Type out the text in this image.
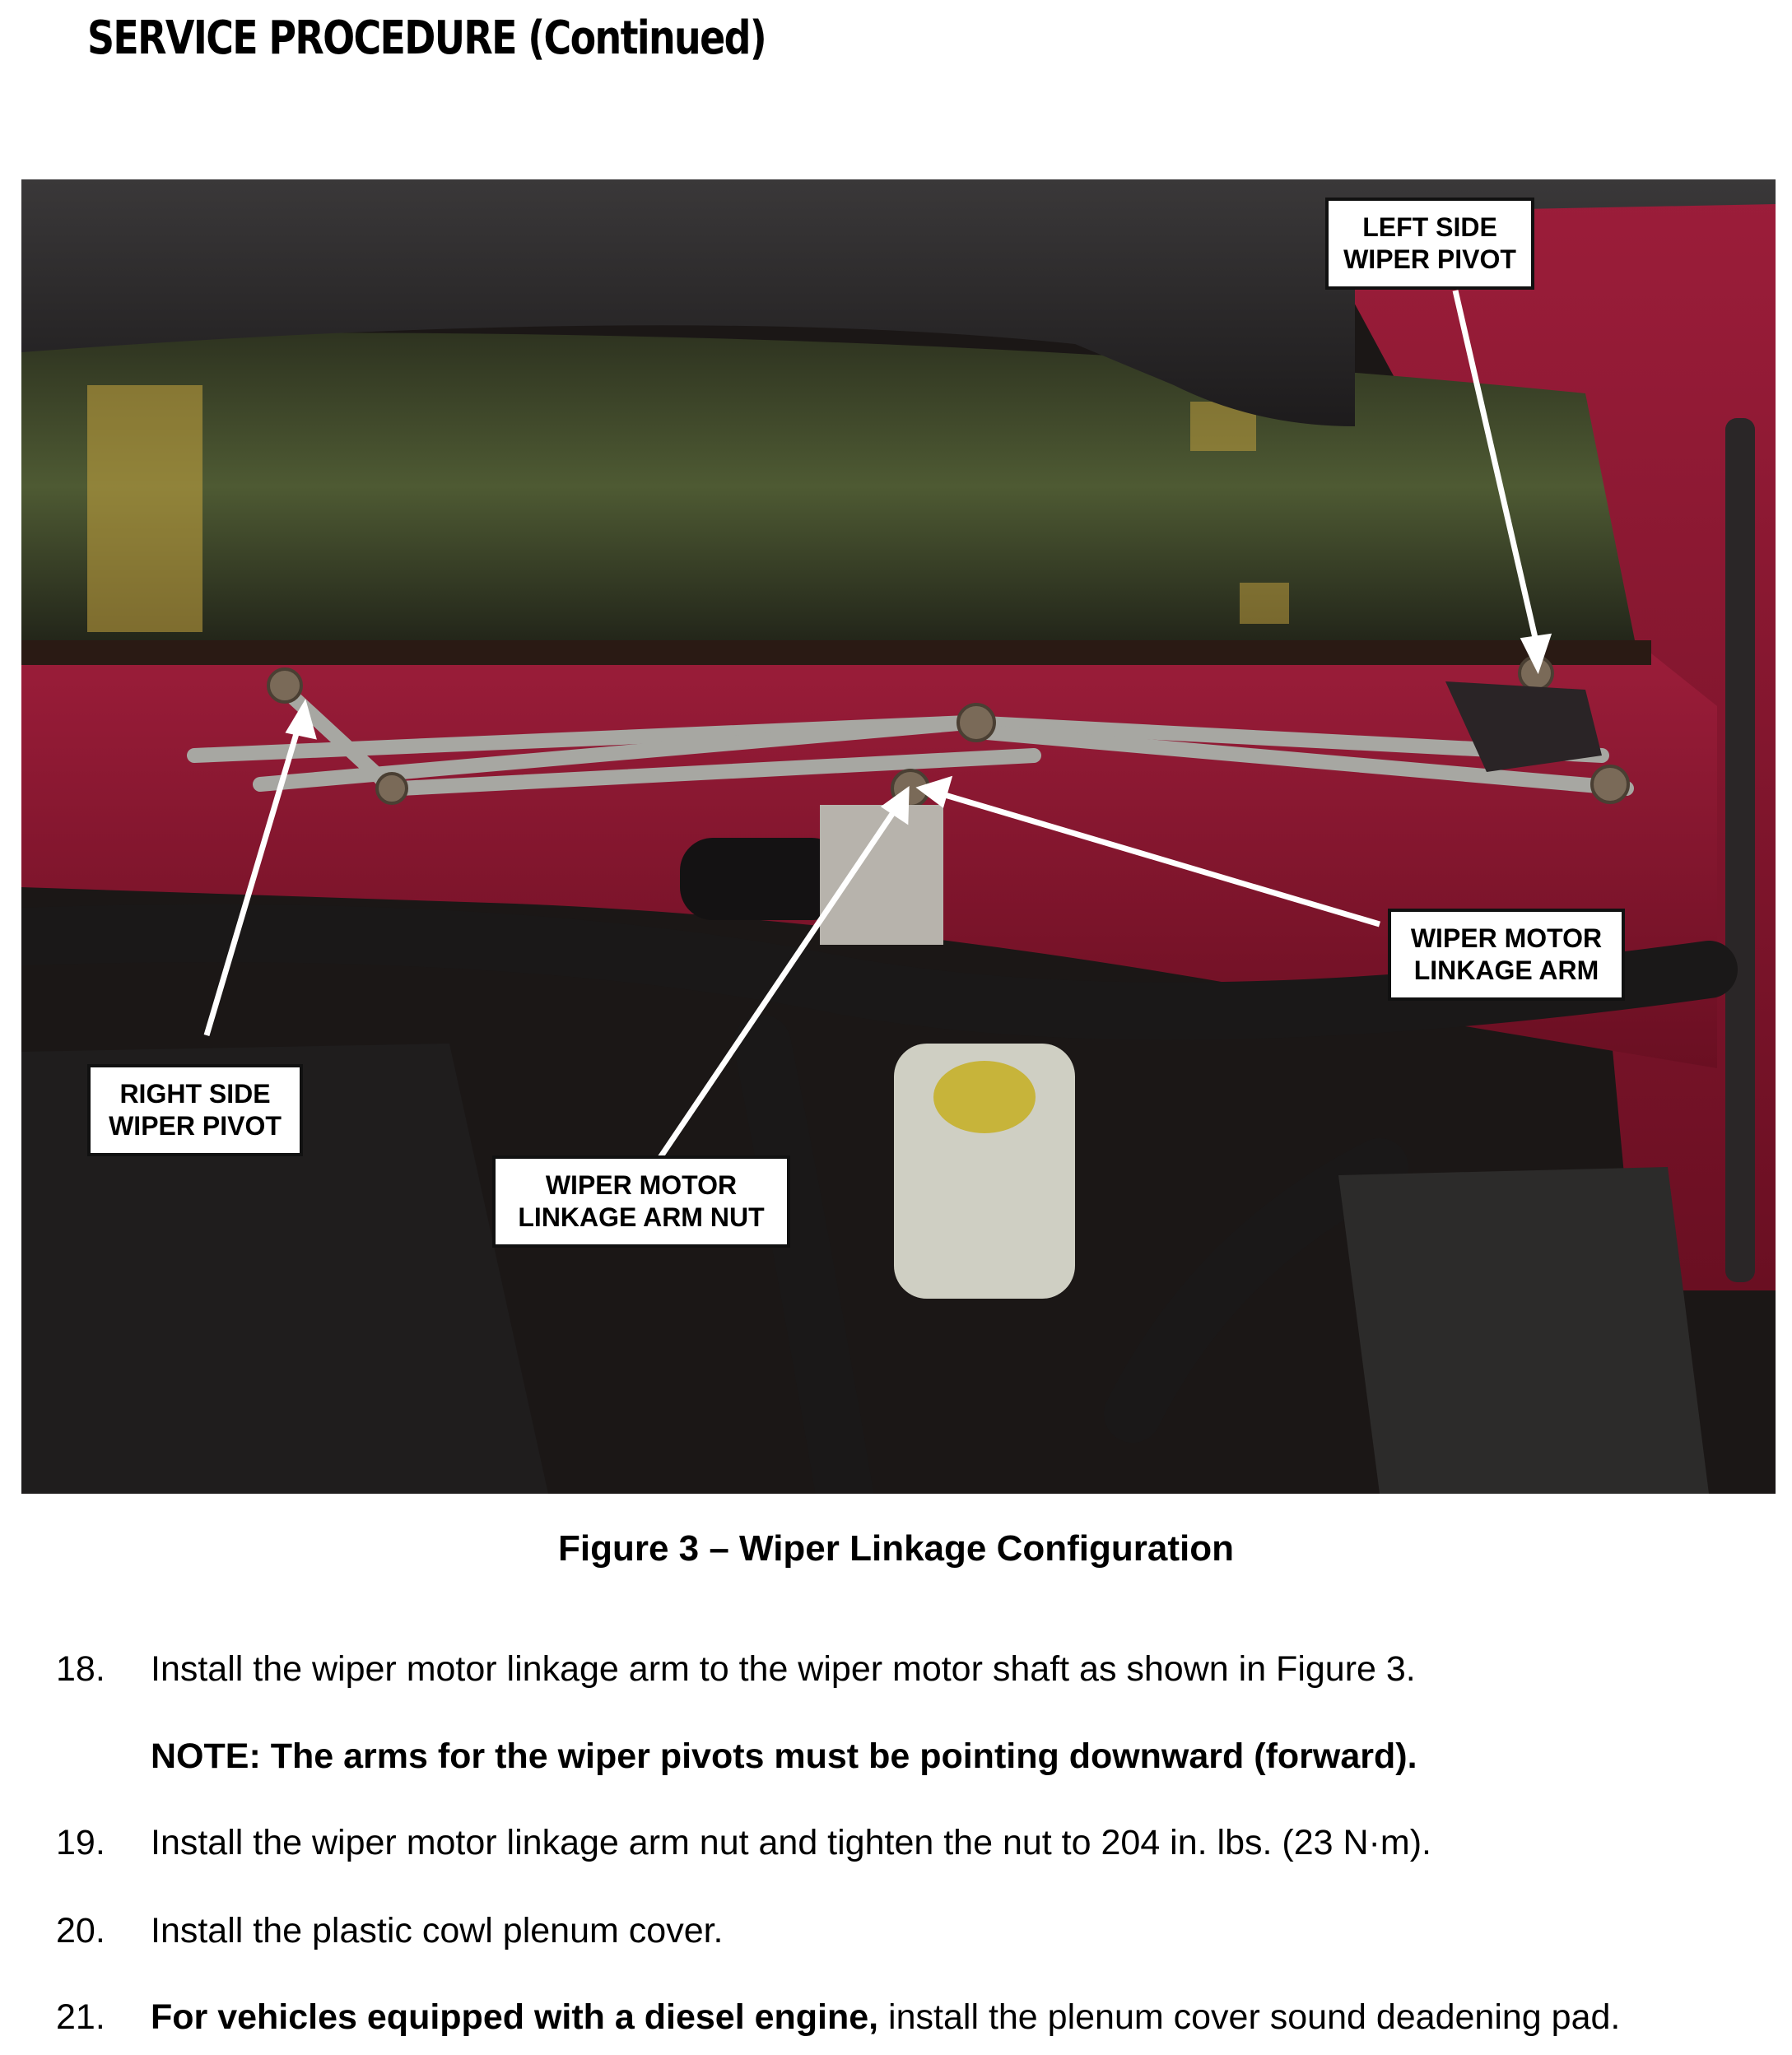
SERVICE PROCEDURE (Continued)
LEFT SIDE
WIPER PIVOT
RIGHT SIDE
WIPER PIVOT
WIPER MOTOR
LINKAGE ARM
WIPER MOTOR
LINKAGE ARM NUT
Figure 3 – Wiper Linkage Configuration
18. Install the wiper motor linkage arm to the wiper motor shaft as shown in Figure 3.
NOTE: The arms for the wiper pivots must be pointing downward (forward).
19. Install the wiper motor linkage arm nut and tighten the nut to 204 in. lbs. (23 N·m).
20. Install the plastic cowl plenum cover.
21. For vehicles equipped with a diesel engine, install the plenum cover sound deadening pad.
